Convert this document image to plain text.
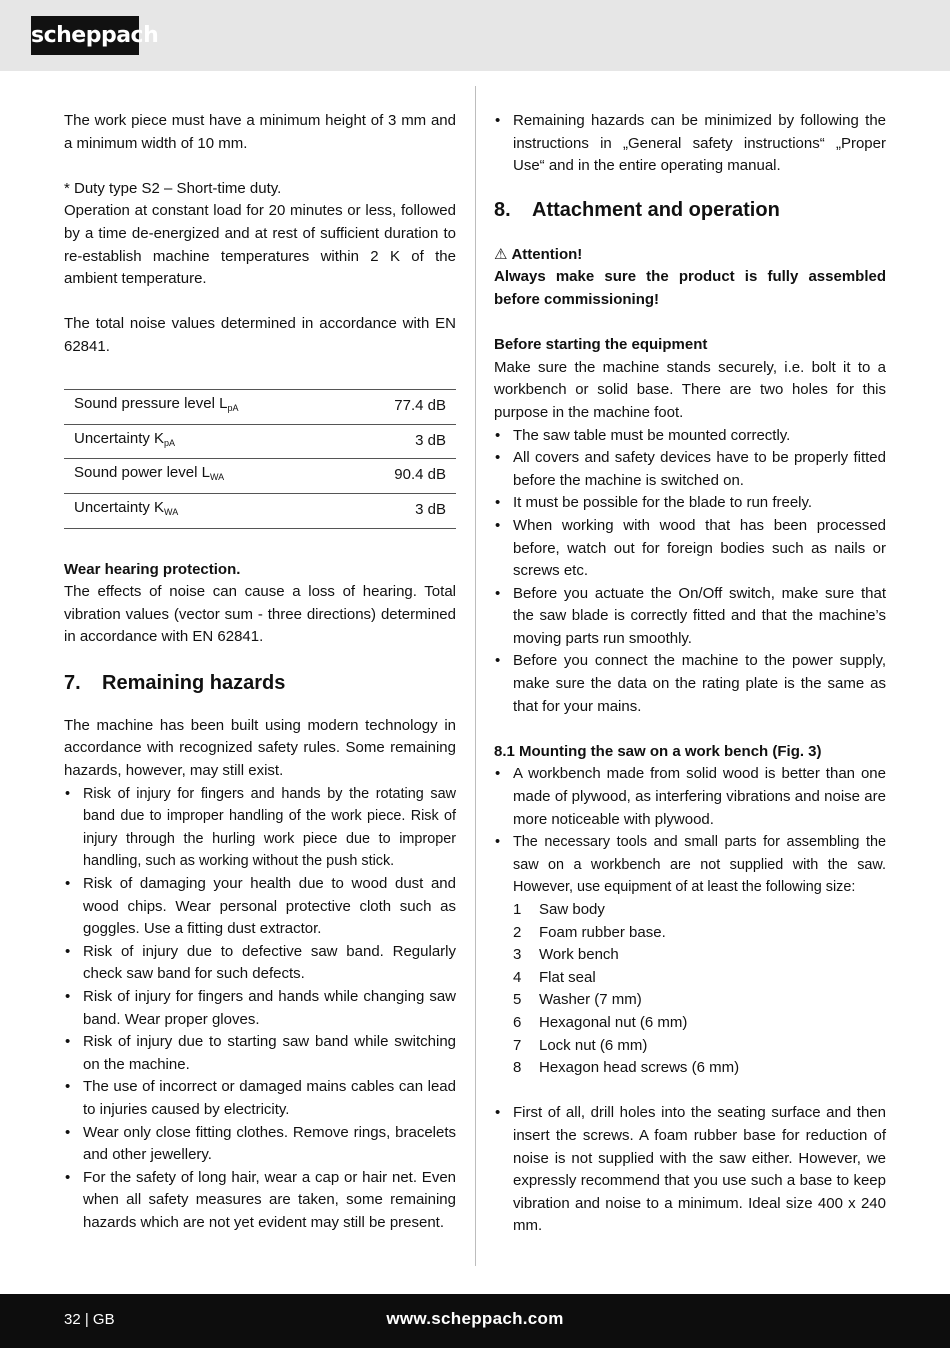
scheppach

The work piece must have a minimum height of 3 mm and a minimum width of 10 mm.

* Duty type S2 – Short-time duty.

Operation at constant load for 20 minutes or less, followed by a time de-energized and at rest of sufficient duration to re-establish machine temperatures within 2 K of the ambient temperature.

The total noise values determined in accordance with EN 62841.

Sound pressure level $L_{pA}$	77.4 dB
Uncertainty $K_{pA}$	3 dB
Sound power level $L_{WA}$	90.4 dB
Uncertainty $K_{WA}$	3 dB

Wear hearing protection.

The effects of noise can cause a loss of hearing. Total vibration values (vector sum - three directions) determined in accordance with EN 62841.

7. Remaining hazards

The machine has been built using modern technology in accordance with recognized safety rules. Some remaining hazards, however, may still exist.

• Risk of injury for fingers and hands by the rotating saw band due to improper handling of the work piece. Risk of injury through the hurling work piece due to improper handling, such as working without the push stick.
• Risk of damaging your health due to wood dust and wood chips. Wear personal protective cloth such as goggles. Use a fitting dust extractor.
• Risk of injury due to defective saw band. Regularly check saw band for such defects.
• Risk of injury for fingers and hands while changing saw band. Wear proper gloves.
• Risk of injury due to starting saw band while switching on the machine.
• The use of incorrect or damaged mains cables can lead to injuries caused by electricity.
• Wear only close fitting clothes. Remove rings, bracelets and other jewellery.
• For the safety of long hair, wear a cap or hair net. Even when all safety measures are taken, some remaining hazards which are not yet evident may still be present.
• Remaining hazards can be minimized by following the instructions in „General safety instructions“ „Proper Use“ and in the entire operating manual.
8. Attachment and operation

⚠ Attention!

Always make sure the product is fully assembled before commissioning!

Before starting the equipment

Make sure the machine stands securely, i.e. bolt it to a workbench or solid base. There are two holes for this purpose in the machine foot.

• The saw table must be mounted correctly.
• All covers and safety devices have to be properly fitted before the machine is switched on.
• It must be possible for the blade to run freely.
• When working with wood that has been processed before, watch out for foreign bodies such as nails or screws etc.
• Before you actuate the On/Off switch, make sure that the saw blade is correctly fitted and that the machine’s moving parts run smoothly.
• Before you connect the machine to the power supply, make sure the data on the rating plate is the same as that for your mains.

8.1 Mounting the saw on a work bench (Fig. 3)

• A workbench made from solid wood is better than one made of plywood, as interfering vibrations and noise are more noticeable with plywood.
• The necessary tools and small parts for assembling the saw on a workbench are not supplied with the saw. However, use equipment of at least the following size:
1 Saw body
2 Foam rubber base.
3 Work bench
4 Flat seal
5 Washer (7 mm)
6 Hexagonal nut (6 mm)
7 Lock nut (6 mm)
8 Hexagon head screws (6 mm)
• First of all, drill holes into the seating surface and then insert the screws. A foam rubber base for reduction of noise is not supplied with the saw either. However, we expressly recommend that you use such a base to keep vibration and noise to a minimum. Ideal size 400 x 240 mm.
32 | GB	www.scheppach.com
